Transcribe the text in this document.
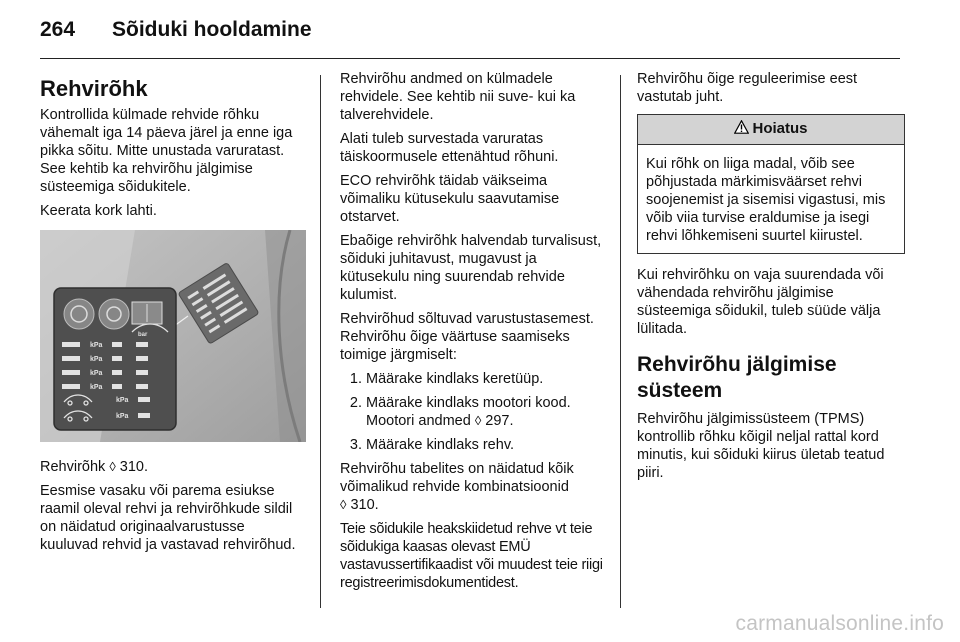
264 Sõiduki hooldamine
Rehvirõhk

Kontrollida külmade rehvide rõhku vähemalt iga 14 päeva järel ja enne iga pikka sõitu. Mitte unustada varuratast. See kehtib ka rehvirõhu jälgimise süsteemiga sõidukitele.

Keerata kork lahti.

kPa
kPa
kPa
kPa
bar
kPa
kPa

Rehvirõhk ◊ 310.

Eesmise vasaku või parema esiukse raamil oleval rehvi ja rehvirõhkude sildil on näidatud originaalvarustusse kuuluvad rehvid ja vastavad rehvirõhud.

Rehvirõhu andmed on külmadele rehvidele. See kehtib nii suve- kui ka talverehvidele.

Alati tuleb survestada varuratas täiskoormusele ettenähtud rõhuni.

ECO rehvirõhk täidab väikseima võimaliku kütusekulu saavutamise otstarvet.

Ebaõige rehvirõhk halvendab turvalisust, sõiduki juhitavust, mugavust ja kütusekulu ning suurendab rehvide kulumist.

Rehvirõhud sõltuvad varustustasemest. Rehvirõhu õige väärtuse saamiseks toimige järgmiselt:

1. Määrake kindlaks keretüüp.
2. Määrake kindlaks mootori kood. Mootori andmed ◊ 297.
3. Määrake kindlaks rehv.

Rehvirõhu tabelites on näidatud kõik võimalikud rehvide kombinatsioonid
◊ 310.

Teie sõidukile heakskiidetud rehve vt teie sõidukiga kaasas olevast EMÜ vastavussertifikaadist või muudest teie riigi registreerimisdokumentidest.

Rehvirõhu õige reguleerimise eest vastutab juht.

Hoiatus
Kui rõhk on liiga madal, võib see põhjustada märkimisväärset rehvi soojenemist ja sisemisi vigastusi, mis võib viia turvise eraldumise ja isegi rehvi lõhkemiseni suurtel kiirustel.

Kui rehvirõhku on vaja suurendada või vähendada rehvirõhu jälgimise süsteemiga sõidukil, tuleb süüde välja lülitada.

Rehvirõhu jälgimise süsteem

Rehvirõhu jälgimissüsteem (TPMS) kontrollib rõhku kõigil neljal rattal kord minutis, kui sõiduki kiirus ületab teatud piiri.

carmanualsonline.info
